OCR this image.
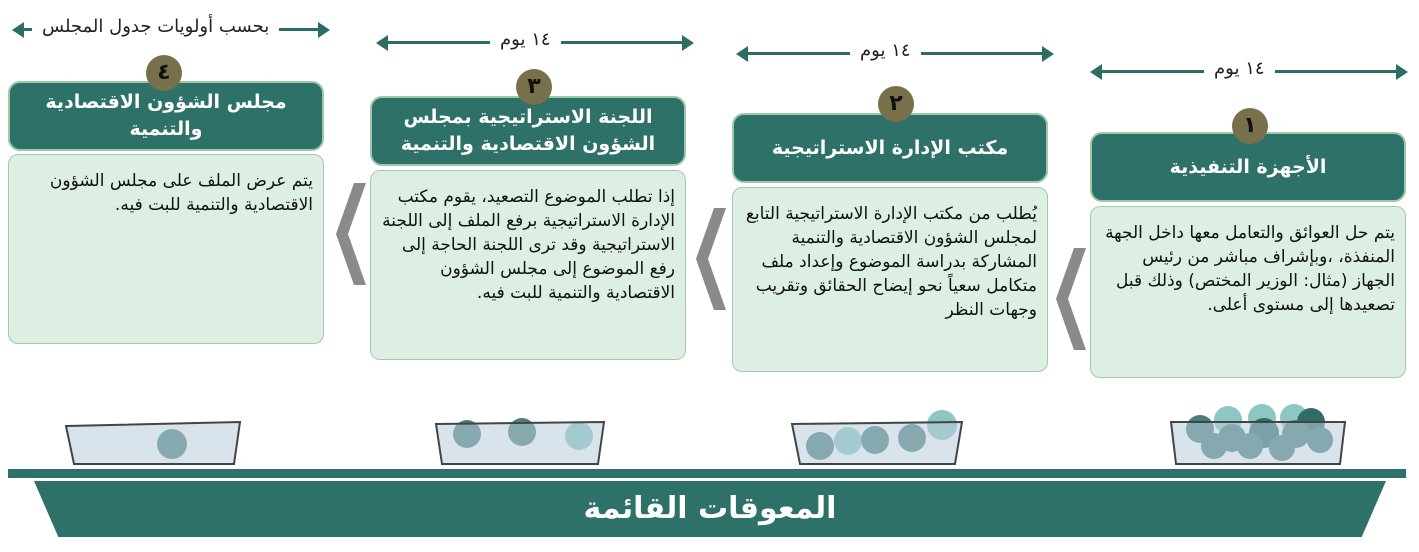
١٤ يوم
١٤ يوم
١٤ يوم
بحسب أولويات جدول المجلس
١
الأجهزة التنفيذية
يتم حل العوائق والتعامل معها داخل الجهة المنفذة، ،وبإشراف مباشر من رئيس الجهاز (مثال: الوزير المختص) وذلك قبل تصعيدها إلى مستوى أعلى.
٢
مكتب الإدارة الاستراتيجية
يُطلب من مكتب الإدارة الاستراتيجية التابع لمجلس الشؤون الاقتصادية والتنمية المشاركة بدراسة الموضوع وإعداد ملف متكامل سعياً نحو إيضاح الحقائق وتقريب وجهات النظر
٣
اللجنة الاستراتيجية بمجلس الشؤون الاقتصادية والتنمية
إذا تطلب الموضوع التصعيد، يقوم مكتب الإدارة الاستراتيجية برفع الملف إلى اللجنة الاستراتيجية وقد ترى اللجنة الحاجة إلى رفع الموضوع إلى مجلس الشؤون الاقتصادية والتنمية للبت فيه.
٤
مجلس الشؤون الاقتصادية والتنمية
يتم عرض الملف على مجلس الشؤون الاقتصادية والتنمية للبت فيه.
المعوقات القائمة
